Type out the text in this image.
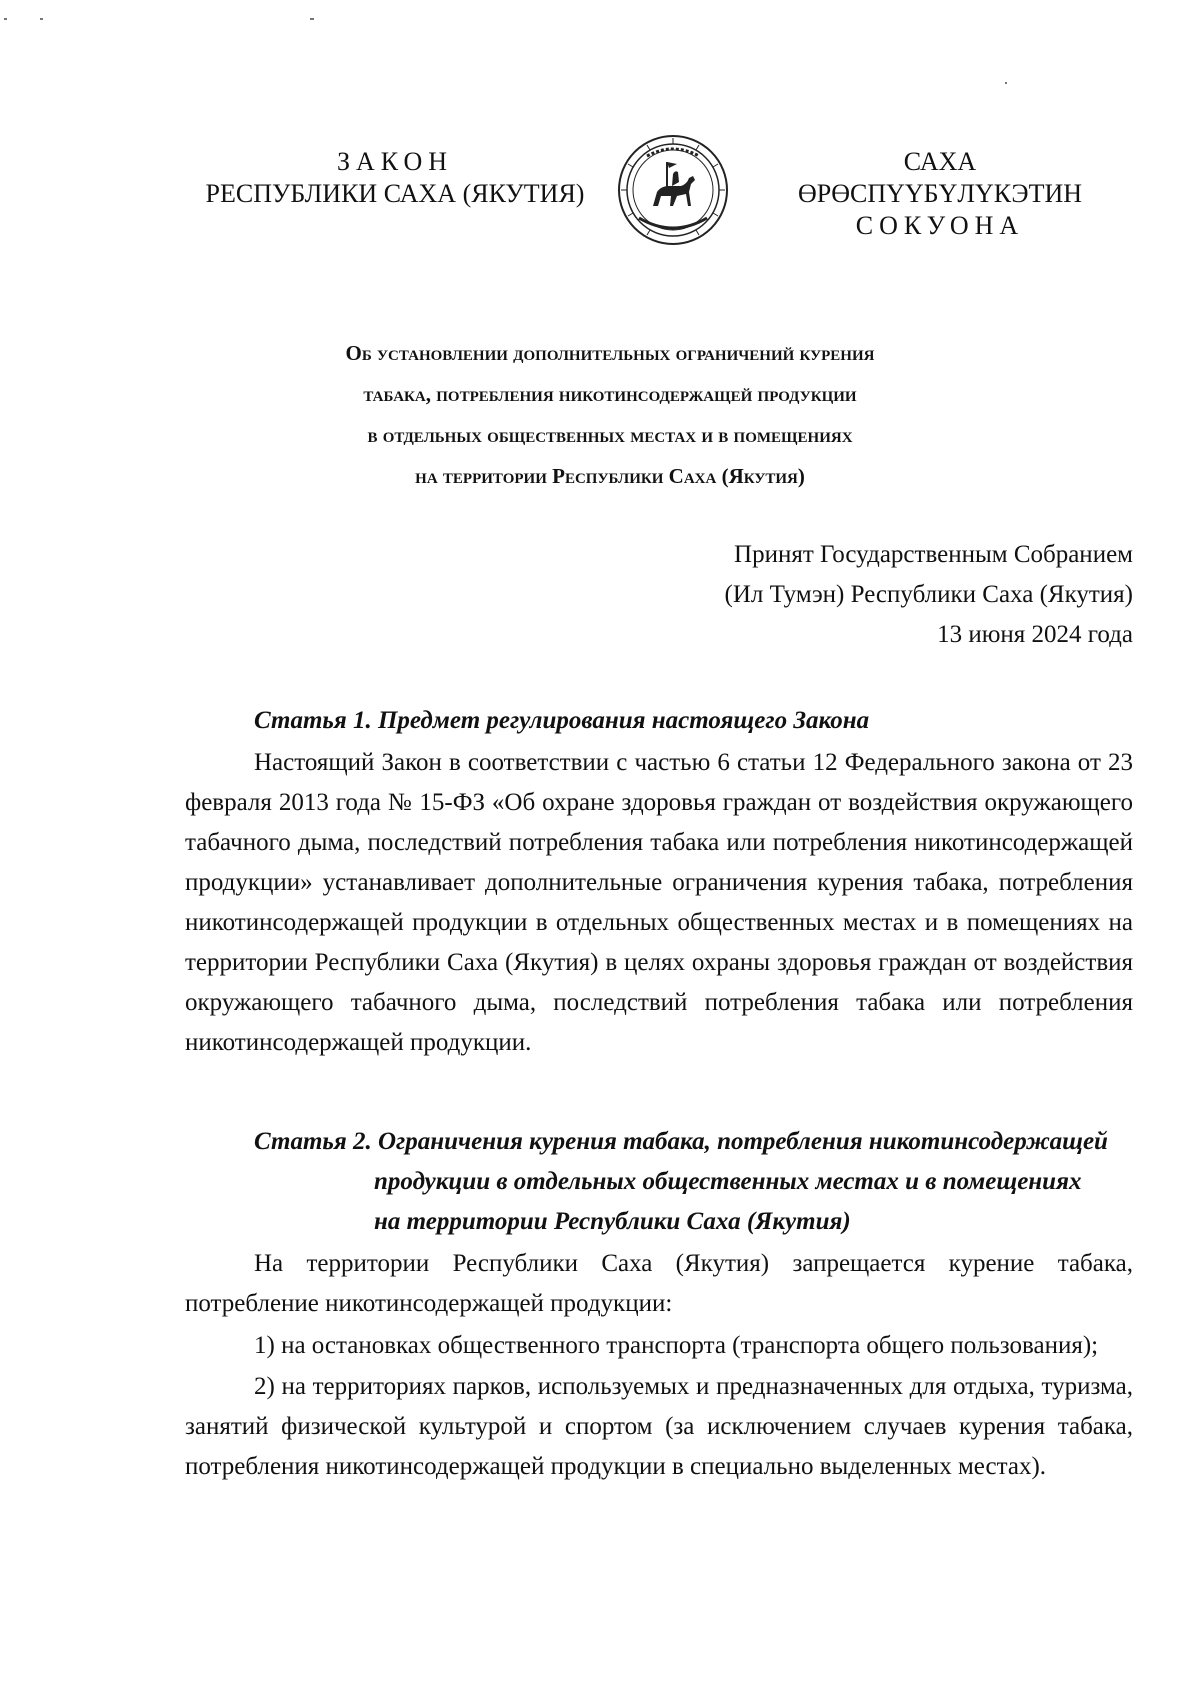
ЗАКОН
РЕСПУБЛИКИ САХА (ЯКУТИЯ)
САХА ӨРӨСПҮҮБҮЛҮКЭТИН
СОКУОНА
Об установлении дополнительных ограничений курения
табака, потребления никотинсодержащей продукции
в отдельных общественных местах и в помещениях
на территории Республики Саха (Якутия)
Принят Государственным Собранием
(Ил Тумэн) Республики Саха (Якутия)
13 июня 2024 года
Статья 1. Предмет регулирования настоящего Закона
Настоящий Закон в соответствии с частью 6 статьи 12 Федерального закона от 23 февраля 2013 года № 15-ФЗ «Об охране здоровья граждан от воздействия окружающего табачного дыма, последствий потребления табака или потребления никотинсодержащей продукции» устанавливает дополнительные ограничения курения табака, потребления никотинсодержащей продукции в отдельных общественных местах и в помещениях на территории Республики Саха (Якутия) в целях охраны здоровья граждан от воздействия окружающего табачного дыма, последствий потребления табака или потребления никотинсодержащей продукции.
Статья 2. Ограничения курения табака, потребления никотинсодержащей
продукции в отдельных общественных местах и в помещениях
на территории Республики Саха (Якутия)
На территории Республики Саха (Якутия) запрещается курение табака, потребление никотинсодержащей продукции:
1) на остановках общественного транспорта (транспорта общего пользования);
2) на территориях парков, используемых и предназначенных для отдыха, туризма, занятий физической культурой и спортом (за исключением случаев курения табака, потребления никотинсодержащей продукции в специально выделенных местах).
